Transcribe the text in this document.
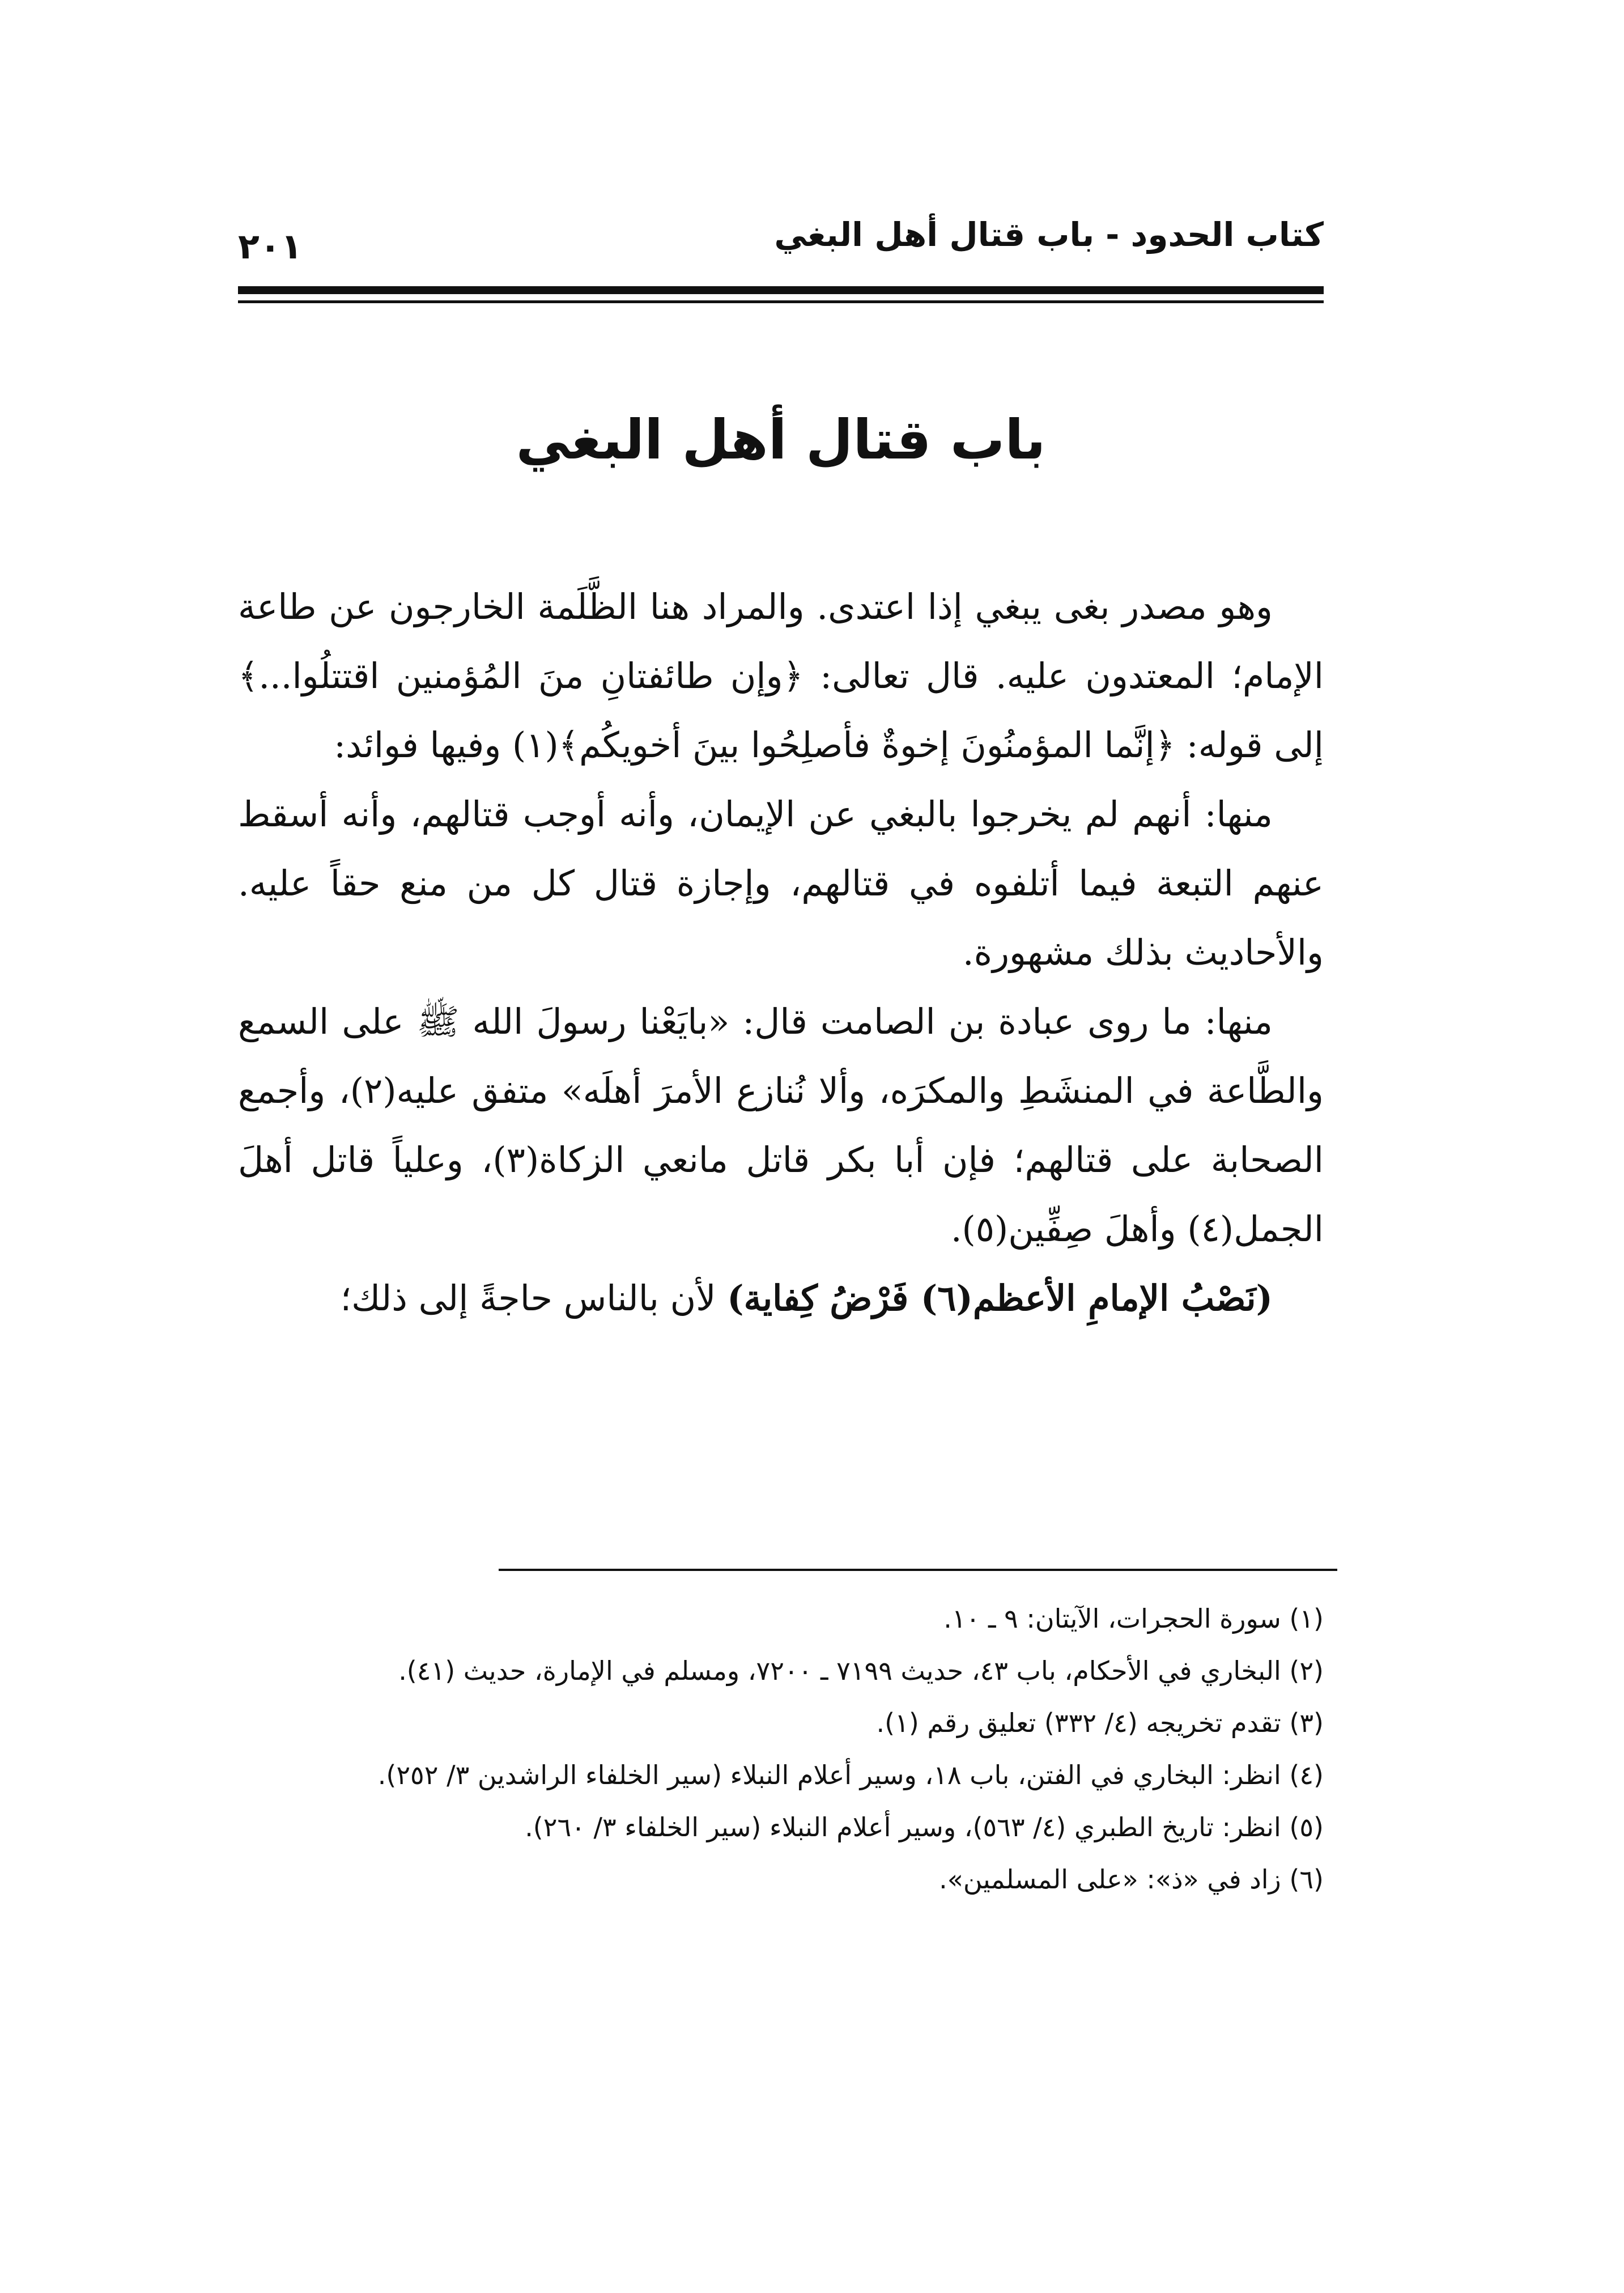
كتاب الحدود - باب قتال أهل البغي
٢٠١
باب قتال أهل البغي

وهو مصدر بغى يبغي إذا اعتدى. والمراد هنا الظَّلَمة الخارجون عن طاعة الإمام؛ المعتدون عليه. قال تعالى: ﴿وإن طائفتانِ منَ المُؤمنين اقتتلُوا...﴾ إلى قوله: ﴿إنَّما المؤمنُونَ إخوةٌ فأصلِحُوا بينَ أخويكُم﴾(١) وفيها فوائد:

منها: أنهم لم يخرجوا بالبغي عن الإيمان، وأنه أوجب قتالهم، وأنه أسقط عنهم التبعة فيما أتلفوه في قتالهم، وإجازة قتال كل من منع حقاً عليه. والأحاديث بذلك مشهورة.

منها: ما روى عبادة بن الصامت قال: «بايَعْنا رسولَ الله ﷺ على السمع والطَّاعة في المنشَطِ والمكرَه، وألا نُنازع الأمرَ أهلَه» متفق عليه(٢)، وأجمع الصحابة على قتالهم؛ فإن أبا بكر قاتل مانعي الزكاة(٣)، وعلياً قاتل أهلَ الجمل(٤) وأهلَ صِفِّين(٥).

(نَصْبُ الإمامِ الأعظم(٦) فَرْضُ كِفاية) لأن بالناس حاجةً إلى ذلك؛

(١) سورة الحجرات، الآيتان: ٩ ـ ١٠.

(٢) البخاري في الأحكام، باب ٤٣، حديث ٧١٩٩ ـ ٧٢٠٠، ومسلم في الإمارة، حديث (٤١).

(٣) تقدم تخريجه (٤/ ٣٣٢) تعليق رقم (١).

(٤) انظر: البخاري في الفتن، باب ١٨، وسير أعلام النبلاء (سير الخلفاء الراشدين ٣/ ٢٥٢).

(٥) انظر: تاريخ الطبري (٤/ ٥٦٣)، وسير أعلام النبلاء (سير الخلفاء ٣/ ٢٦٠).

(٦) زاد في «ذ»: «على المسلمين».
